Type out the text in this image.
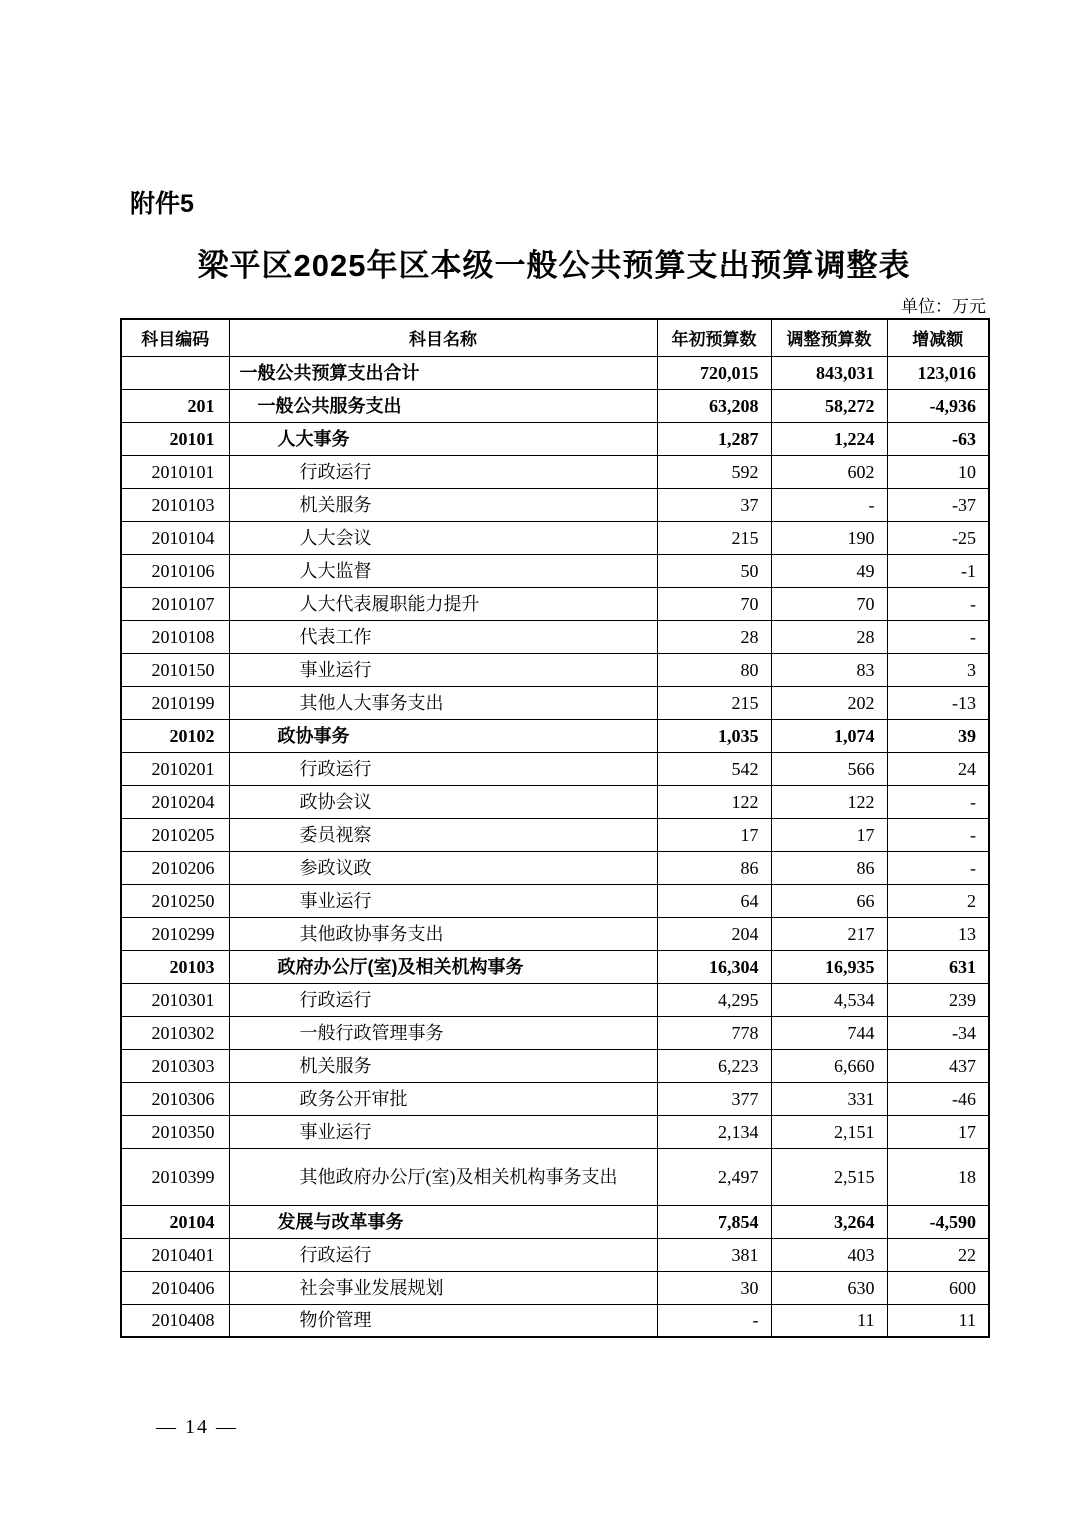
附件5
梁平区2025年区本级一般公共预算支出预算调整表
单位：万元
科目编码	科目名称	年初预算数	调整预算数	增减额
	一般公共预算支出合计	720,015	843,031	123,016
201	一般公共服务支出	63,208	58,272	-4,936
20101	人大事务	1,287	1,224	-63
2010101	行政运行	592	602	10
2010103	机关服务	37	-	-37
2010104	人大会议	215	190	-25
2010106	人大监督	50	49	-1
2010107	人大代表履职能力提升	70	70	-
2010108	代表工作	28	28	-
2010150	事业运行	80	83	3
2010199	其他人大事务支出	215	202	-13
20102	政协事务	1,035	1,074	39
2010201	行政运行	542	566	24
2010204	政协会议	122	122	-
2010205	委员视察	17	17	-
2010206	参政议政	86	86	-
2010250	事业运行	64	66	2
2010299	其他政协事务支出	204	217	13
20103	政府办公厅(室)及相关机构事务	16,304	16,935	631
2010301	行政运行	4,295	4,534	239
2010302	一般行政管理事务	778	744	-34
2010303	机关服务	6,223	6,660	437
2010306	政务公开审批	377	331	-46
2010350	事业运行	2,134	2,151	17
2010399	其他政府办公厅(室)及相关机构事务支出	2,497	2,515	18
20104	发展与改革事务	7,854	3,264	-4,590
2010401	行政运行	381	403	22
2010406	社会事业发展规划	30	630	600
2010408	物价管理	-	11	11
— 14 —
